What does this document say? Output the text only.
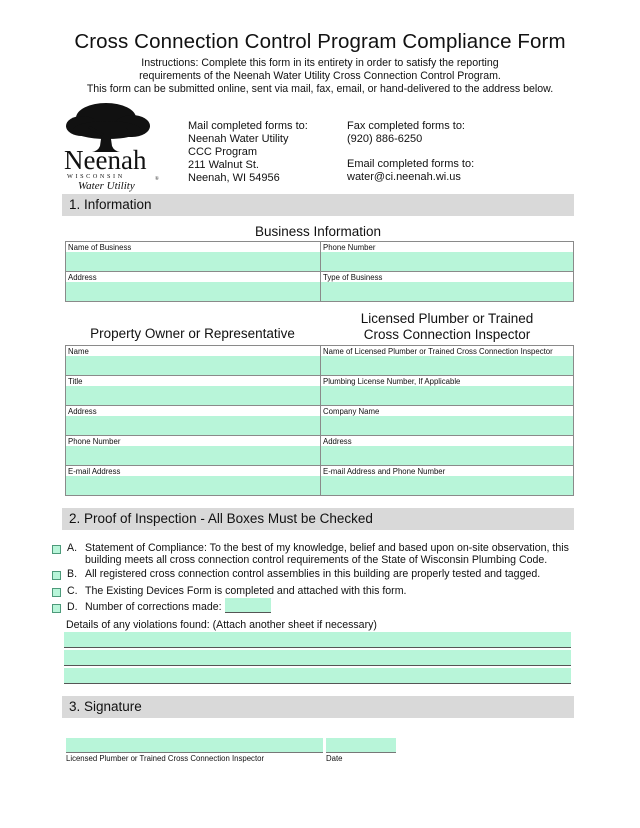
Cross Connection Control Program Compliance Form
Instructions: Complete this form in its entirety in order to satisfy the reporting
requirements of the Neenah Water Utility Cross Connection Control Program.
This form can be submitted online, sent via mail, fax, email, or hand-delivered to the address below.
Neenah
WISCONSIN	®
Water Utility
Mail completed forms to:
Neenah Water Utility
CCC Program
211 Walnut St.
Neenah, WI 54956
Fax completed forms to:
(920) 886-6250
Email completed forms to:
water@ci.neenah.wi.us
1. Information
Business Information
Name of Business	Phone Number
Address	Type of Business
Property Owner or Representative
Licensed Plumber or Trained
Cross Connection Inspector
Name	Name of Licensed Plumber or Trained Cross Connection Inspector
Title	Plumbing License Number, If Applicable
Address	Company Name
Phone Number	Address
E-mail Address	E-mail Address and Phone Number
2. Proof of Inspection - All Boxes Must be Checked
A. Statement of Compliance: To the best of my knowledge, belief and based upon on-site observation, this
building meets all cross connection control requirements of the State of Wisconsin Plumbing Code.
B. All registered cross connection control assemblies in this building are properly tested and tagged.
C. The Existing Devices Form is completed and attached with this form.
D. Number of corrections made:
Details of any violations found: (Attach another sheet if necessary)
3. Signature
Licensed Plumber or Trained Cross Connection Inspector	Date
